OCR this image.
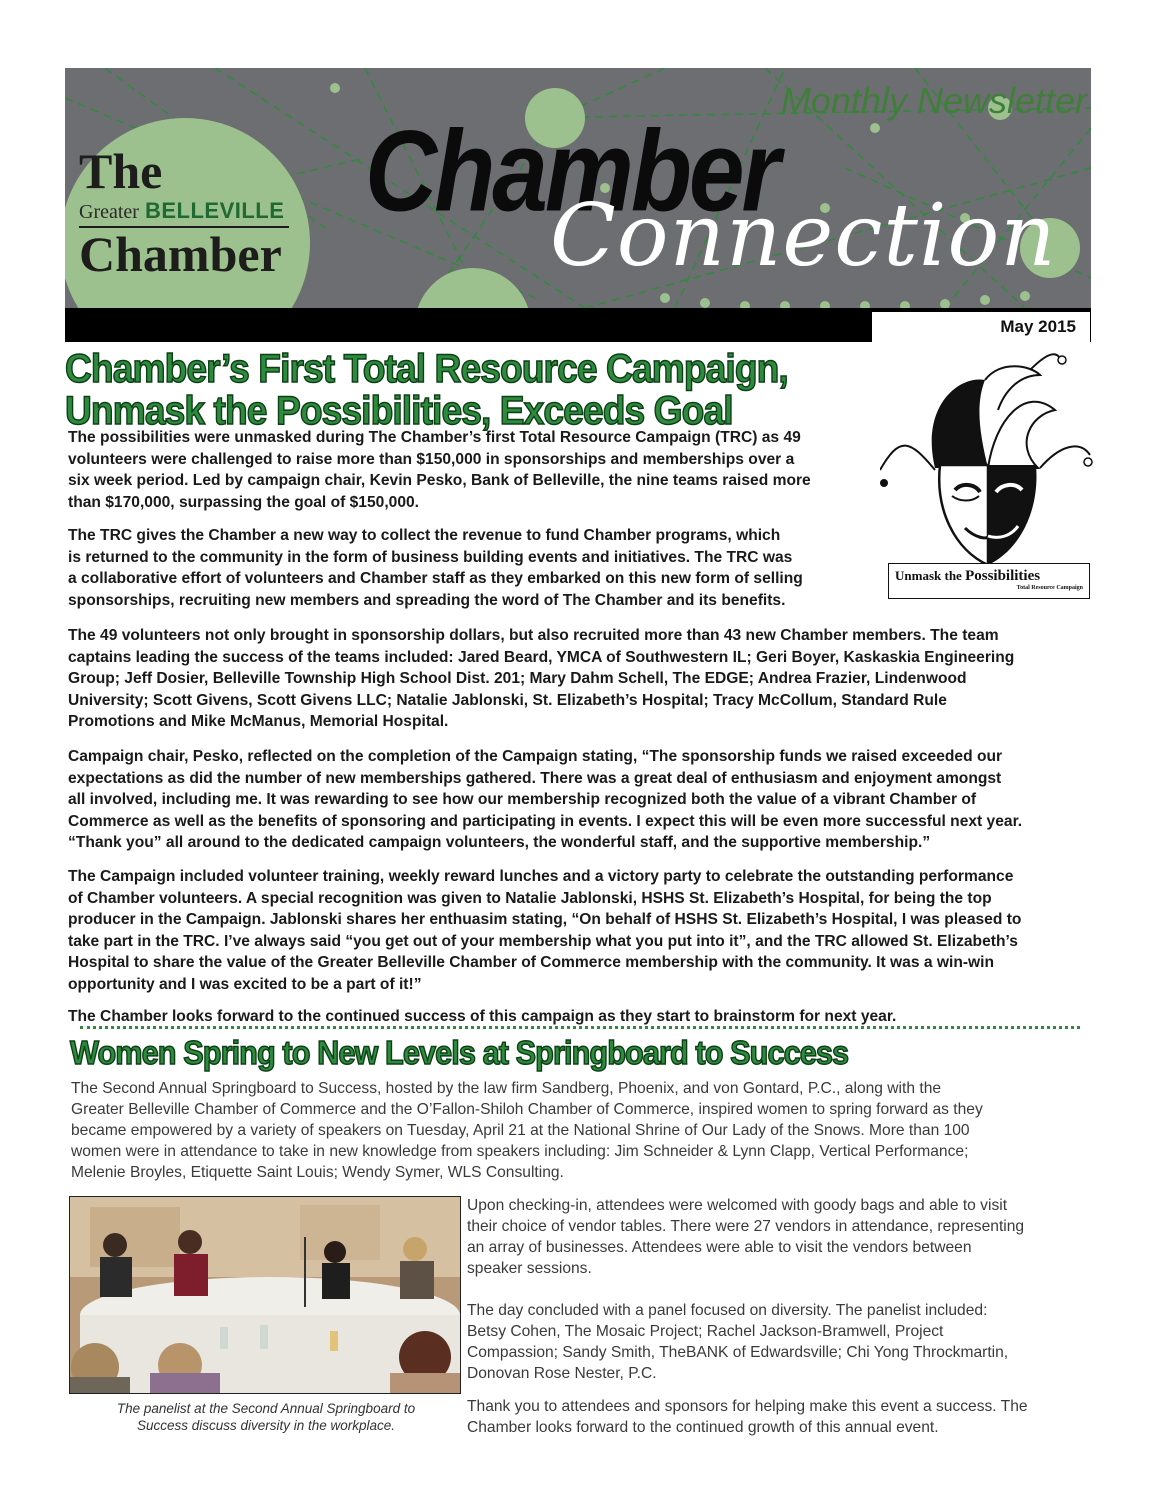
The
Greater BELLEVILLE
Chamber
Monthly Newsletter
Chamber
Connection
May 2015
Chamber’s First Total Resource Campaign,
Unmask the Possibilities, Exceeds Goal
Unmask the Possibilities
Total Resource Campaign
The possibilities were unmasked during The Chamber’s first Total Resource Campaign (TRC) as 49
volunteers were challenged to raise more than $150,000 in sponsorships and memberships over a
six week period. Led by campaign chair, Kevin Pesko, Bank of Belleville, the nine teams raised more
than $170,000, surpassing the goal of $150,000.
The TRC gives the Chamber a new way to collect the revenue to fund Chamber programs, which
is returned to the community in the form of business building events and initiatives. The TRC was
a collaborative effort of volunteers and Chamber staff as they embarked on this new form of selling
sponsorships, recruiting new members and spreading the word of The Chamber and its benefits.
The 49 volunteers not only brought in sponsorship dollars, but also recruited more than 43 new Chamber members. The team
captains leading the success of the teams included: Jared Beard, YMCA of Southwestern IL; Geri Boyer, Kaskaskia Engineering
Group; Jeff Dosier, Belleville Township High School Dist. 201; Mary Dahm Schell, The EDGE; Andrea Frazier, Lindenwood
University; Scott Givens, Scott Givens LLC; Natalie Jablonski, St. Elizabeth’s Hospital; Tracy McCollum, Standard Rule
Promotions and Mike McManus, Memorial Hospital.
Campaign chair, Pesko, reflected on the completion of the Campaign stating, “The sponsorship funds we raised exceeded our
expectations as did the number of new memberships gathered. There was a great deal of enthusiasm and enjoyment amongst
all involved, including me. It was rewarding to see how our membership recognized both the value of a vibrant Chamber of
Commerce as well as the benefits of sponsoring and participating in events. I expect this will be even more successful next year.
“Thank you” all around to the dedicated campaign volunteers, the wonderful staff, and the supportive membership.”
The Campaign included volunteer training, weekly reward lunches and a victory party to celebrate the outstanding performance
of Chamber volunteers. A special recognition was given to Natalie Jablonski, HSHS St. Elizabeth’s Hospital, for being the top
producer in the Campaign. Jablonski shares her enthuasim stating, “On behalf of HSHS St. Elizabeth’s Hospital, I was pleased to
take part in the TRC. I’ve always said “you get out of your membership what you put into it”, and the TRC allowed St. Elizabeth’s
Hospital to share the value of the Greater Belleville Chamber of Commerce membership with the community. It was a win-win
opportunity and I was excited to be a part of it!”
The Chamber looks forward to the continued success of this campaign as they start to brainstorm for next year.
Women Spring to New Levels at Springboard to Success
The Second Annual Springboard to Success, hosted by the law firm Sandberg, Phoenix, and von Gontard, P.C., along with the
Greater Belleville Chamber of Commerce and the O’Fallon-Shiloh Chamber of Commerce, inspired women to spring forward as they
became empowered by a variety of speakers on Tuesday, April 21 at the National Shrine of Our Lady of the Snows. More than 100
women were in attendance to take in new knowledge from speakers including: Jim Schneider & Lynn Clapp, Vertical Performance;
Melenie Broyles, Etiquette Saint Louis; Wendy Symer, WLS Consulting.
The panelist at the Second Annual Springboard to
Success discuss diversity in the workplace.
Upon checking-in, attendees were welcomed with goody bags and able to visit
their choice of vendor tables. There were 27 vendors in attendance, representing
an array of businesses. Attendees were able to visit the vendors between
speaker sessions.
The day concluded with a panel focused on diversity. The panelist included:
Betsy Cohen, The Mosaic Project; Rachel Jackson-Bramwell, Project
Compassion; Sandy Smith, TheBANK of Edwardsville; Chi Yong Throckmartin,
Donovan Rose Nester, P.C.
Thank you to attendees and sponsors for helping make this event a success. The
Chamber looks forward to the continued growth of this annual event.
